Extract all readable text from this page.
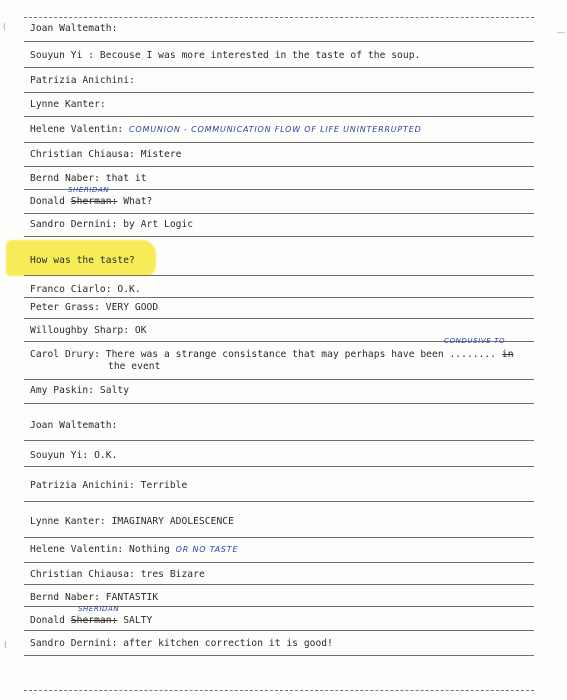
Joan Waltemath:
Souyun Yi : Becouse I was more interested in the taste of the soup.
Patrizia Anichini:
Lynne Kanter:
Helene Valentin: COMUNION - COMMUNICATION FLOW OF LIFE UNINTERRUPTED
Christian Chiausa: Mistere
Bernd Naber: that it
SHERIDAN
Donald Sherman: What?
Sandro Dernini: by Art Logic
How was the taste?
Franco Ciarlo: O.K.
Peter Grass: VERY GOOD
Willoughby Sharp: OK
CONDUSIVE TO
Carol Drury: There was a strange consistance that may perhaps have been ........ in
the event
Amy Paskin: Salty
Joan Waltemath:
Souyun Yi: O.K.
Patrizia Anichini: Terrible
Lynne Kanter: IMAGINARY ADOLESCENCE
Helene Valentin: Nothing OR NO TASTE
Christian Chiausa: tres Bizare
Bernd Naber: FANTASTIK
SHERIDAN
Donald Sherman: SALTY
Sandro Dernini: after kitchen correction it is good!
(
—
(
